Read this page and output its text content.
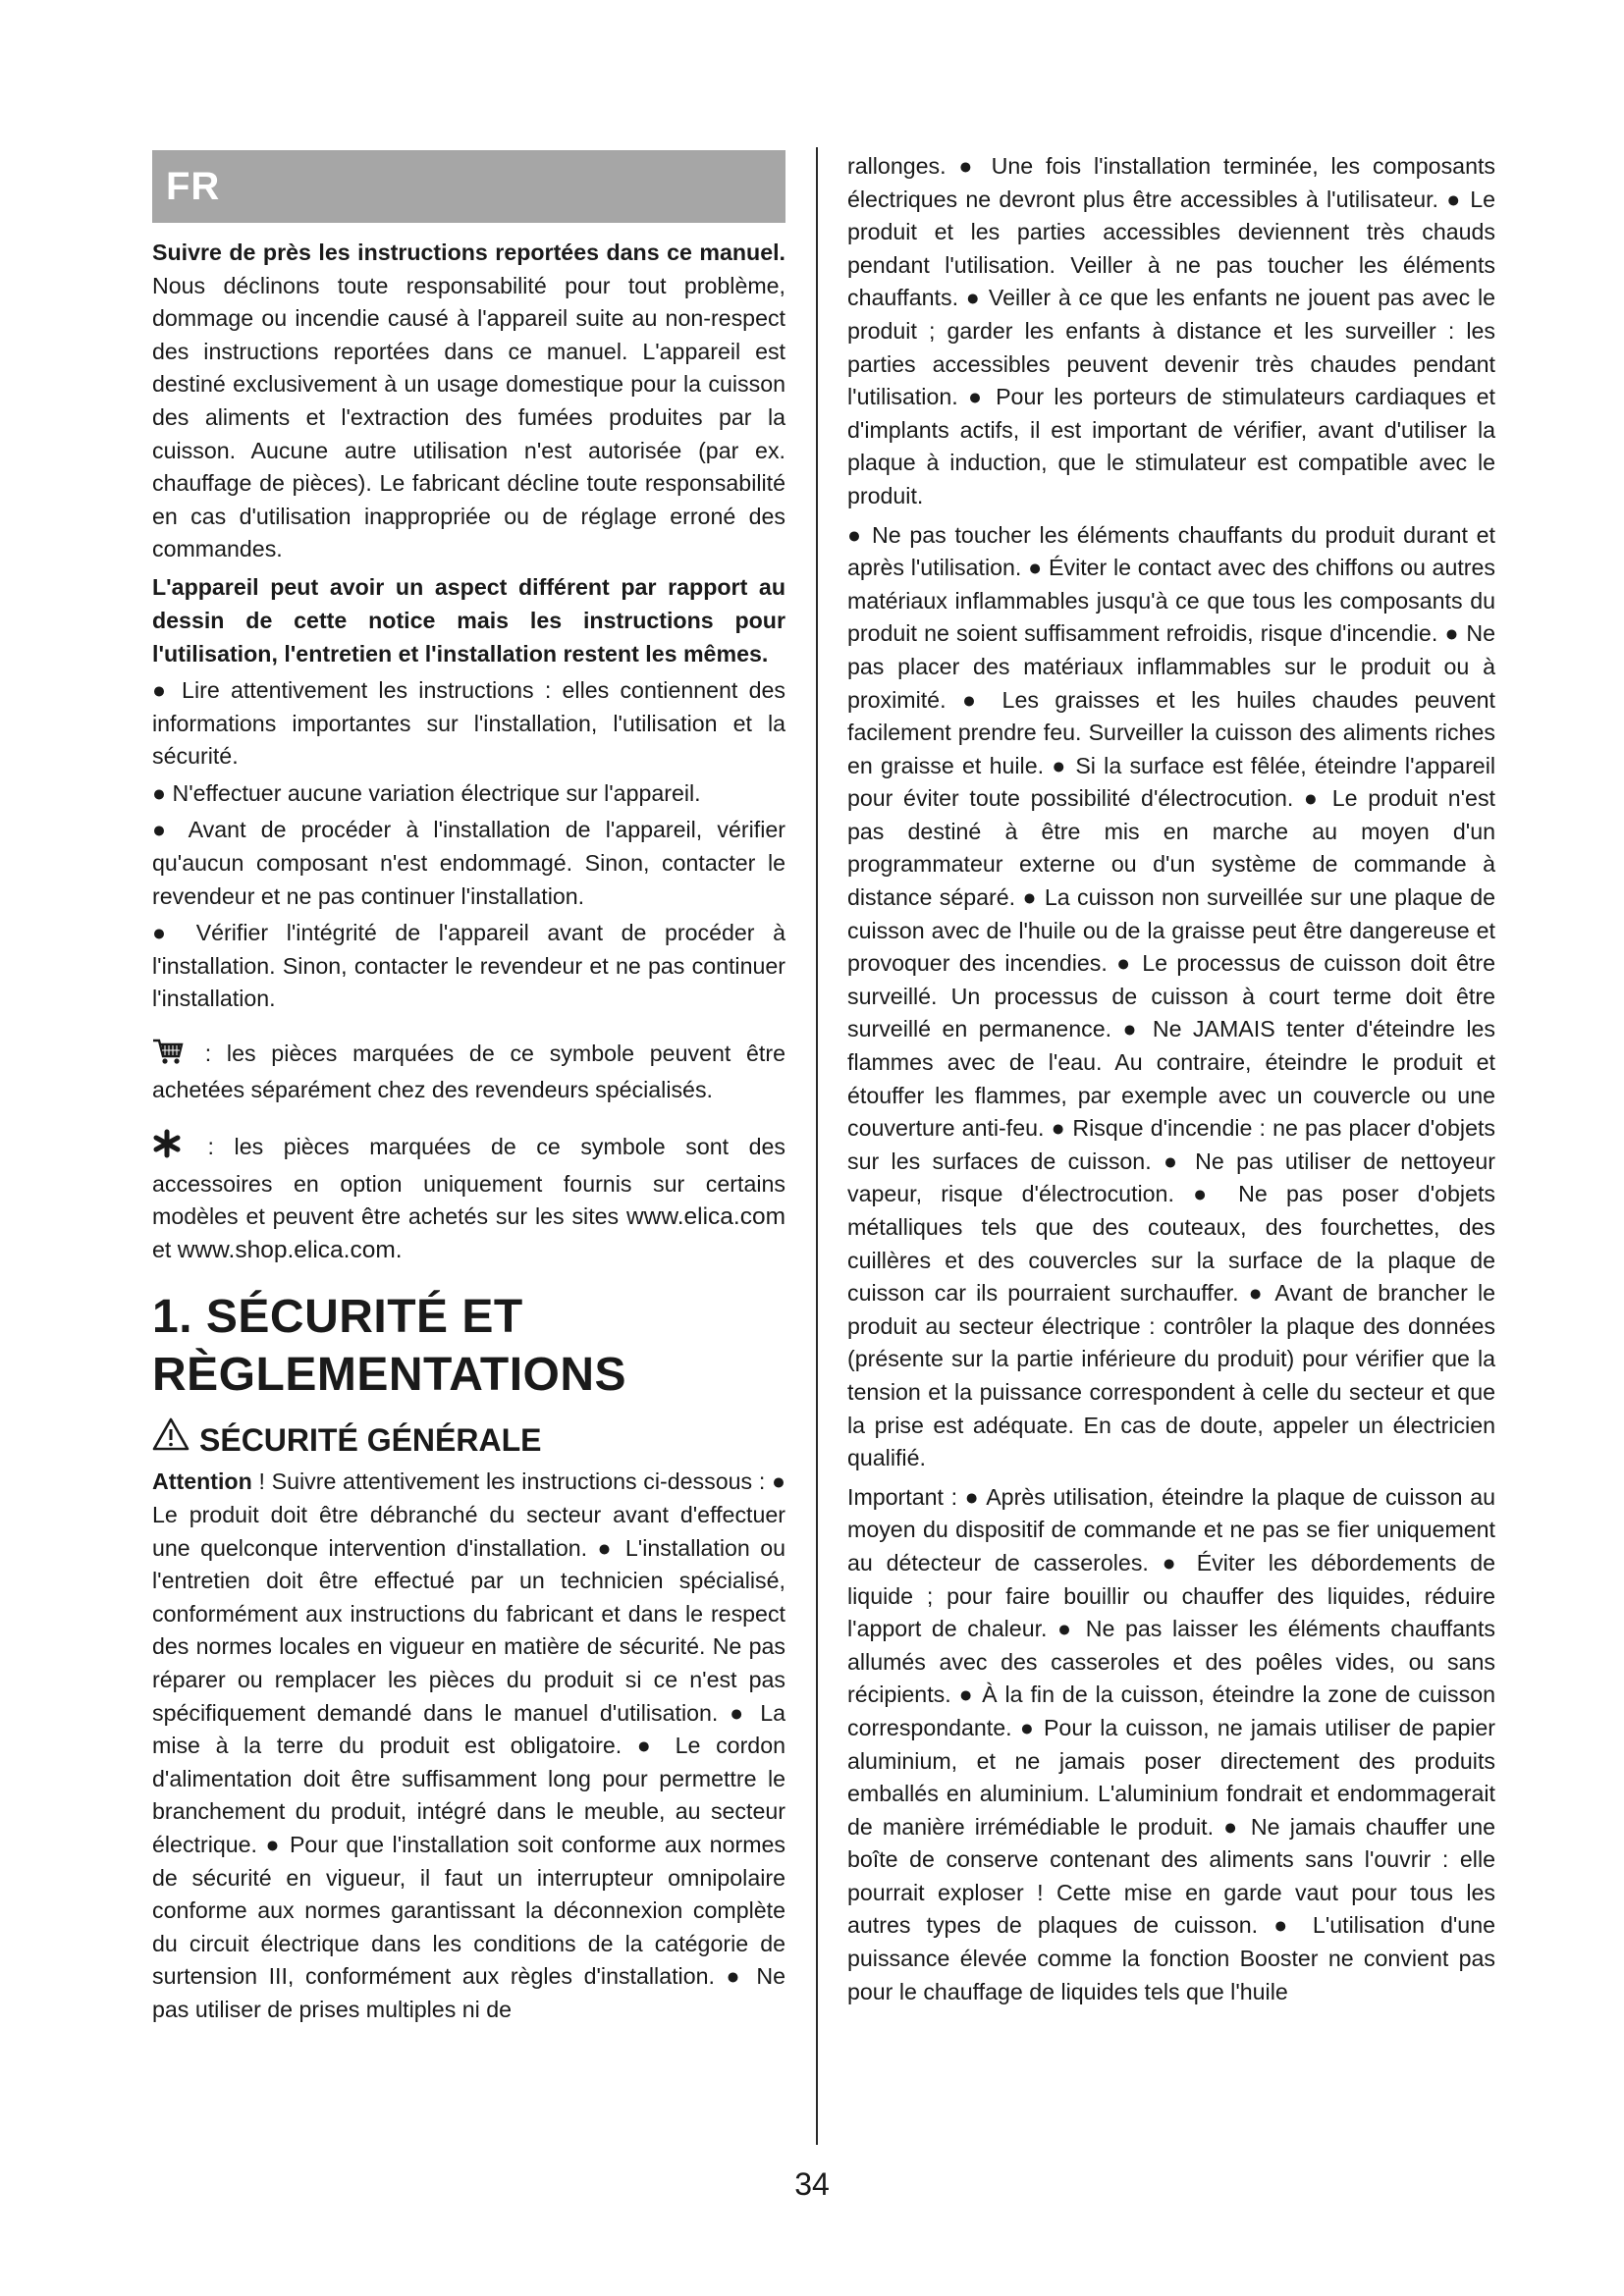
FR

Suivre de près les instructions reportées dans ce manuel. Nous déclinons toute responsabilité pour tout problème, dommage ou incendie causé à l'appareil suite au non-respect des instructions reportées dans ce manuel. L'appareil est destiné exclusivement à un usage domestique pour la cuisson des aliments et l'extraction des fumées produites par la cuisson. Aucune autre utilisation n'est autorisée (par ex. chauffage de pièces). Le fabricant décline toute responsabilité en cas d'utilisation inappropriée ou de réglage erroné des commandes.

L'appareil peut avoir un aspect différent par rapport au dessin de cette notice mais les instructions pour l'utilisation, l'entretien et l'installation restent les mêmes.

● Lire attentivement les instructions : elles contiennent des informations importantes sur l'installation, l'utilisation et la sécurité.

● N'effectuer aucune variation électrique sur l'appareil.

● Avant de procéder à l'installation de l'appareil, vérifier qu'aucun composant n'est endommagé. Sinon, contacter le revendeur et ne pas continuer l'installation.

● Vérifier l'intégrité de l'appareil avant de procéder à l'installation. Sinon, contacter le revendeur et ne pas continuer l'installation.

: les pièces marquées de ce symbole peuvent être achetées séparément chez des revendeurs spécialisés.

: les pièces marquées de ce symbole sont des accessoires en option uniquement fournis sur certains modèles et peuvent être achetés sur les sites www.elica.com et www.shop.elica.com.

1. SÉCURITÉ ET RÈGLEMENTATIONS
SÉCURITÉ GÉNÉRALE

Attention ! Suivre attentivement les instructions ci-dessous : ● Le produit doit être débranché du secteur avant d'effectuer une quelconque intervention d'installation. ● L'installation ou l'entretien doit être effectué par un technicien spécialisé, conformément aux instructions du fabricant et dans le respect des normes locales en vigueur en matière de sécurité. Ne pas réparer ou remplacer les pièces du produit si ce n'est pas spécifiquement demandé dans le manuel d'utilisation. ● La mise à la terre du produit est obligatoire. ● Le cordon d'alimentation doit être suffisamment long pour permettre le branchement du produit, intégré dans le meuble, au secteur électrique. ● Pour que l'installation soit conforme aux normes de sécurité en vigueur, il faut un interrupteur omnipolaire conforme aux normes garantissant la déconnexion complète du circuit électrique dans les conditions de la catégorie de surtension III, conformément aux règles d'installation. ● Ne pas utiliser de prises multiples ni de

rallonges. ● Une fois l'installation terminée, les composants électriques ne devront plus être accessibles à l'utilisateur. ● Le produit et les parties accessibles deviennent très chauds pendant l'utilisation. Veiller à ne pas toucher les éléments chauffants. ● Veiller à ce que les enfants ne jouent pas avec le produit ; garder les enfants à distance et les surveiller : les parties accessibles peuvent devenir très chaudes pendant l'utilisation. ● Pour les porteurs de stimulateurs cardiaques et d'implants actifs, il est important de vérifier, avant d'utiliser la plaque à induction, que le stimulateur est compatible avec le produit.

● Ne pas toucher les éléments chauffants du produit durant et après l'utilisation. ● Éviter le contact avec des chiffons ou autres matériaux inflammables jusqu'à ce que tous les composants du produit ne soient suffisamment refroidis, risque d'incendie. ● Ne pas placer des matériaux inflammables sur le produit ou à proximité. ● Les graisses et les huiles chaudes peuvent facilement prendre feu. Surveiller la cuisson des aliments riches en graisse et huile. ● Si la surface est fêlée, éteindre l'appareil pour éviter toute possibilité d'électrocution. ● Le produit n'est pas destiné à être mis en marche au moyen d'un programmateur externe ou d'un système de commande à distance séparé. ● La cuisson non surveillée sur une plaque de cuisson avec de l'huile ou de la graisse peut être dangereuse et provoquer des incendies. ● Le processus de cuisson doit être surveillé. Un processus de cuisson à court terme doit être surveillé en permanence. ● Ne JAMAIS tenter d'éteindre les flammes avec de l'eau. Au contraire, éteindre le produit et étouffer les flammes, par exemple avec un couvercle ou une couverture anti-feu. ● Risque d'incendie : ne pas placer d'objets sur les surfaces de cuisson. ● Ne pas utiliser de nettoyeur vapeur, risque d'électrocution. ● Ne pas poser d'objets métalliques tels que des couteaux, des fourchettes, des cuillères et des couvercles sur la surface de la plaque de cuisson car ils pourraient surchauffer. ● Avant de brancher le produit au secteur électrique : contrôler la plaque des données (présente sur la partie inférieure du produit) pour vérifier que la tension et la puissance correspondent à celle du secteur et que la prise est adéquate. En cas de doute, appeler un électricien qualifié.

Important : ● Après utilisation, éteindre la plaque de cuisson au moyen du dispositif de commande et ne pas se fier uniquement au détecteur de casseroles. ● Éviter les débordements de liquide ; pour faire bouillir ou chauffer des liquides, réduire l'apport de chaleur. ● Ne pas laisser les éléments chauffants allumés avec des casseroles et des poêles vides, ou sans récipients. ● À la fin de la cuisson, éteindre la zone de cuisson correspondante. ● Pour la cuisson, ne jamais utiliser de papier aluminium, et ne jamais poser directement des produits emballés en aluminium. L'aluminium fondrait et endommagerait de manière irrémédiable le produit. ● Ne jamais chauffer une boîte de conserve contenant des aliments sans l'ouvrir : elle pourrait exploser ! Cette mise en garde vaut pour tous les autres types de plaques de cuisson. ● L'utilisation d'une puissance élevée comme la fonction Booster ne convient pas pour le chauffage de liquides tels que l'huile

34
